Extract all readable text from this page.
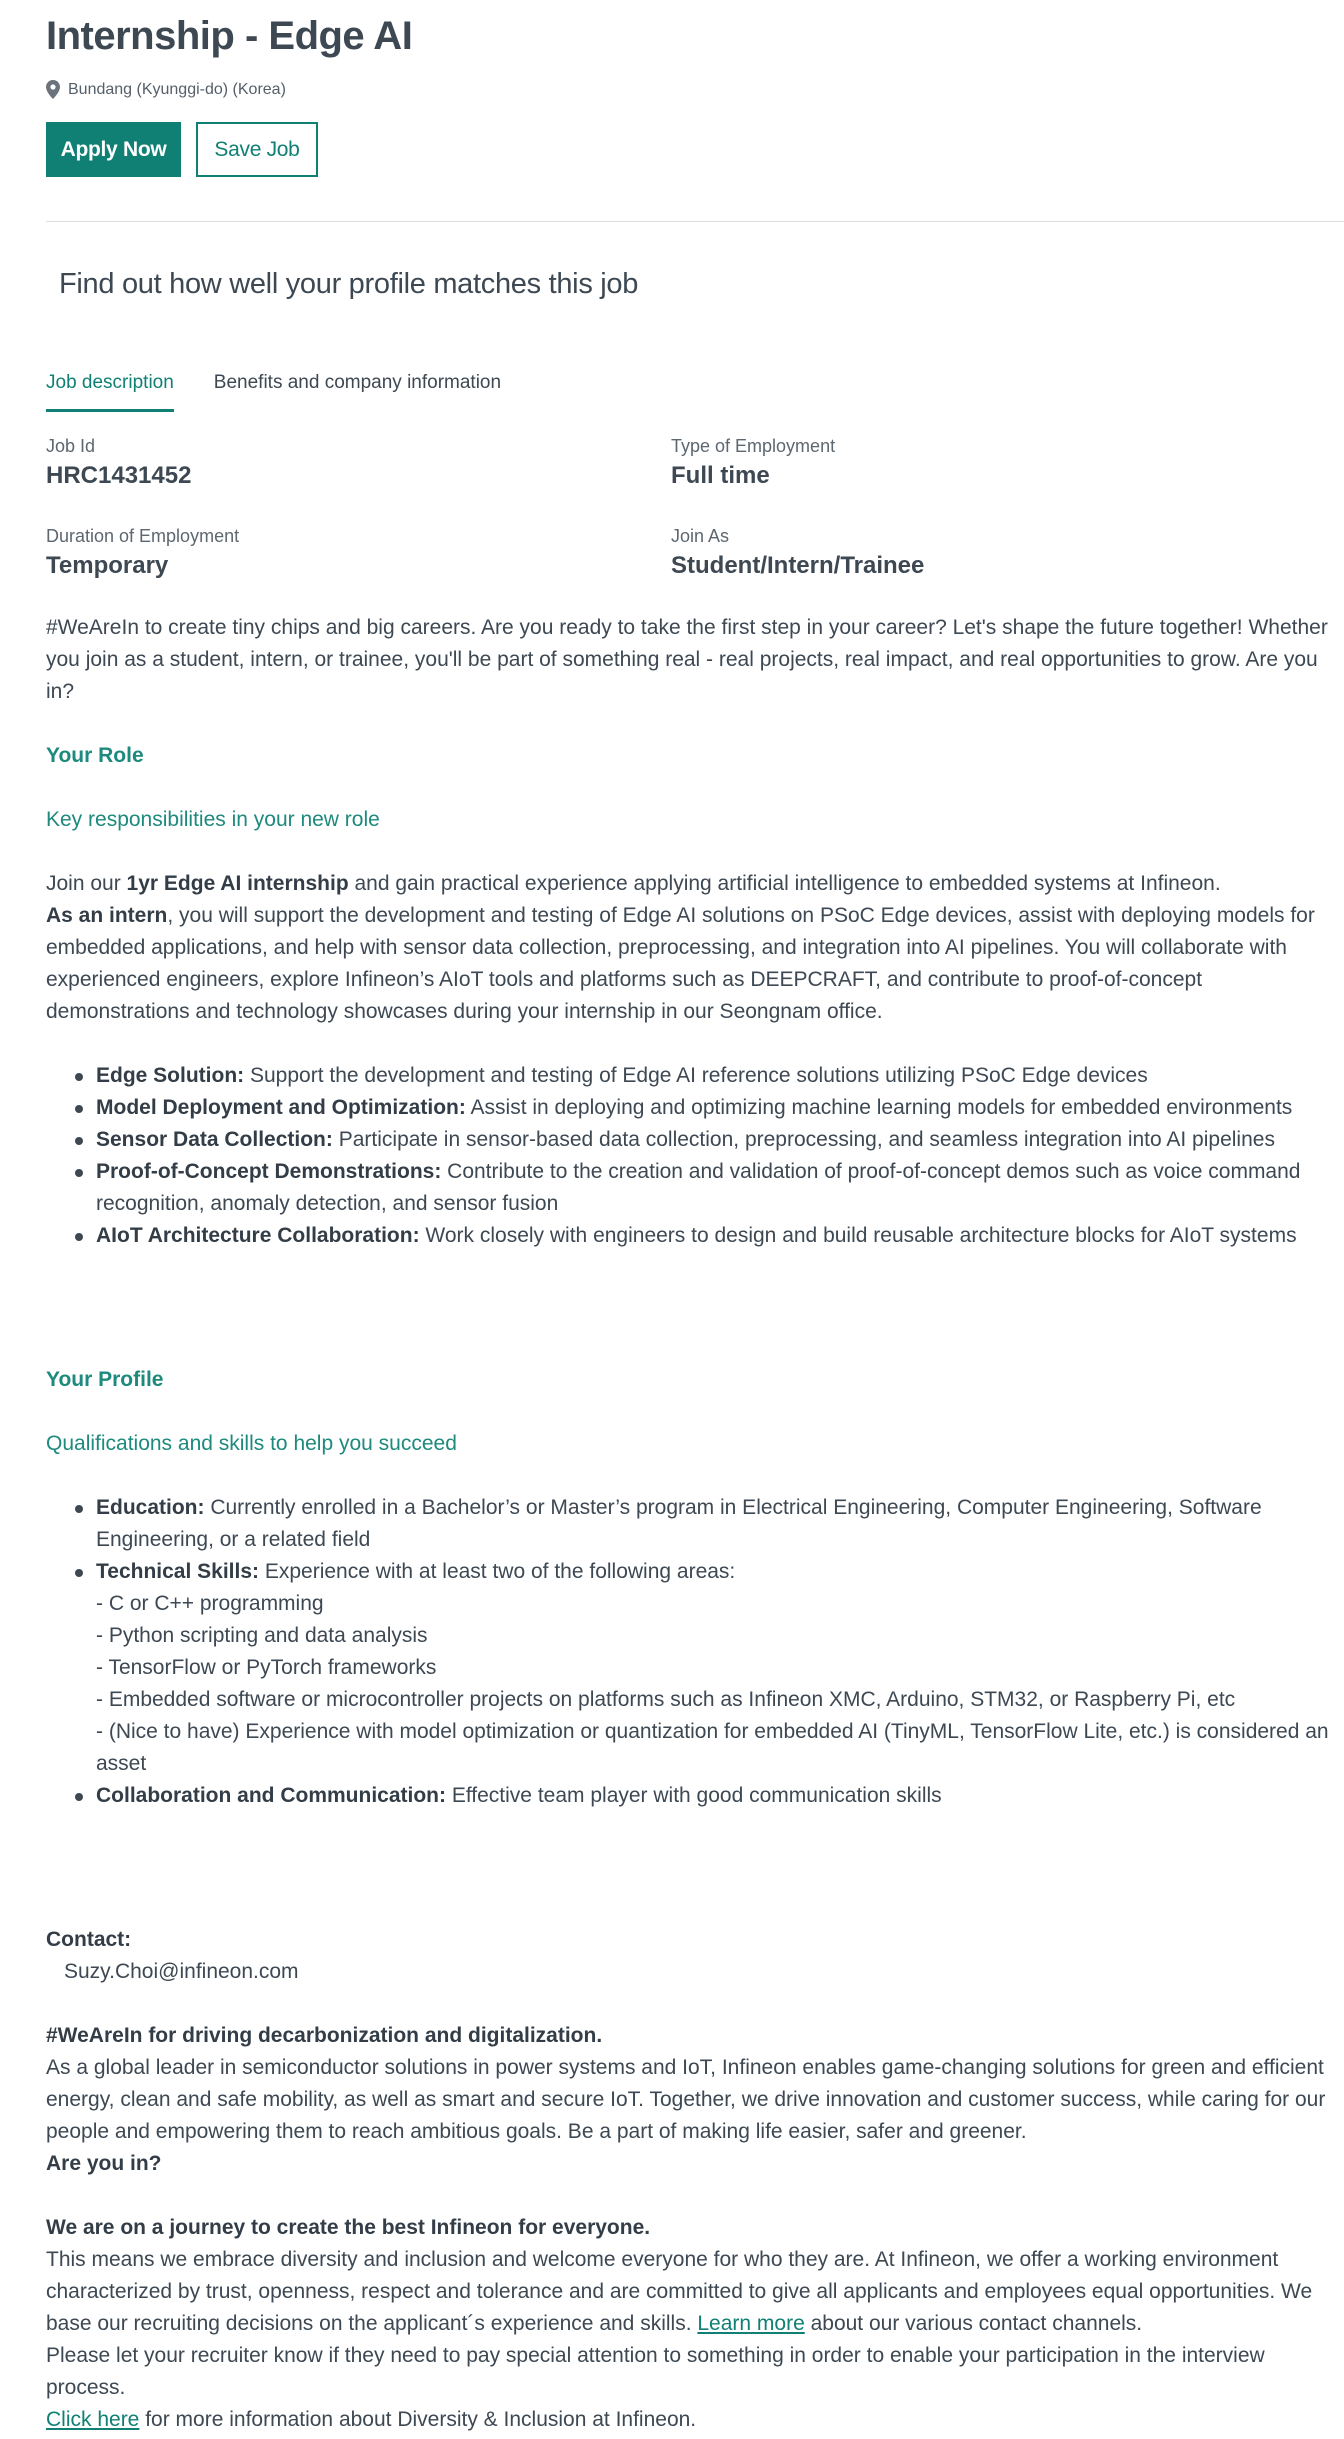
Internship - Edge AI
Bundang (Kyunggi-do) (Korea)
Apply Now	Save Job
Find out how well your profile matches this job
Job description Benefits and company information
Job Id
HRC1431452
Type of Employment
Full time
Duration of Employment
Temporary
Join As
Student/Intern/Trainee

#WeAreIn to create tiny chips and big careers. Are you ready to take the first step in your career? Let's shape the future together! Whether you join as a student, intern, or trainee, you'll be part of something real - real projects, real impact, and real opportunities to grow. Are you in?

Your Role

Key responsibilities in your new role

Join our 1yr Edge AI internship and gain practical experience applying artificial intelligence to embedded systems at Infineon.

As an intern, you will support the development and testing of Edge AI solutions on PSoC Edge devices, assist with deploying models for embedded applications, and help with sensor data collection, preprocessing, and integration into AI pipelines. You will collaborate with experienced engineers, explore Infineon’s AIoT tools and platforms such as DEEPCRAFT, and contribute to proof-of-concept demonstrations and technology showcases during your internship in our Seongnam office.

Edge Solution: Support the development and testing of Edge AI reference solutions utilizing PSoC Edge devices
Model Deployment and Optimization: Assist in deploying and optimizing machine learning models for embedded environments
Sensor Data Collection: Participate in sensor-based data collection, preprocessing, and seamless integration into AI pipelines
Proof-of-Concept Demonstrations: Contribute to the creation and validation of proof-of-concept demos such as voice command recognition, anomaly detection, and sensor fusion
AIoT Architecture Collaboration: Work closely with engineers to design and build reusable architecture blocks for AIoT systems

Your Profile

Qualifications and skills to help you succeed

Education: Currently enrolled in a Bachelor’s or Master’s program in Electrical Engineering, Computer Engineering, Software Engineering, or a related field
Technical Skills: Experience with at least two of the following areas:
- C or C++ programming
- Python scripting and data analysis
- TensorFlow or PyTorch frameworks
- Embedded software or microcontroller projects on platforms such as Infineon XMC, Arduino, STM32, or Raspberry Pi, etc
- (Nice to have) Experience with model optimization or quantization for embedded AI (TinyML, TensorFlow Lite, etc.) is considered an asset
Collaboration and Communication: Effective team player with good communication skills

Contact:

Suzy.Choi@infineon.com

#WeAreIn for driving decarbonization and digitalization.

As a global leader in semiconductor solutions in power systems and IoT, Infineon enables game-changing solutions for green and efficient energy, clean and safe mobility, as well as smart and secure IoT. Together, we drive innovation and customer success, while caring for our people and empowering them to reach ambitious goals. Be a part of making life easier, safer and greener.

Are you in?

We are on a journey to create the best Infineon for everyone.

This means we embrace diversity and inclusion and welcome everyone for who they are. At Infineon, we offer a working environment characterized by trust, openness, respect and tolerance and are committed to give all applicants and employees equal opportunities. We base our recruiting decisions on the applicant´s experience and skills. Learn more about our various contact channels.

Please let your recruiter know if they need to pay special attention to something in order to enable your participation in the interview process.

Click here for more information about Diversity & Inclusion at Infineon.
